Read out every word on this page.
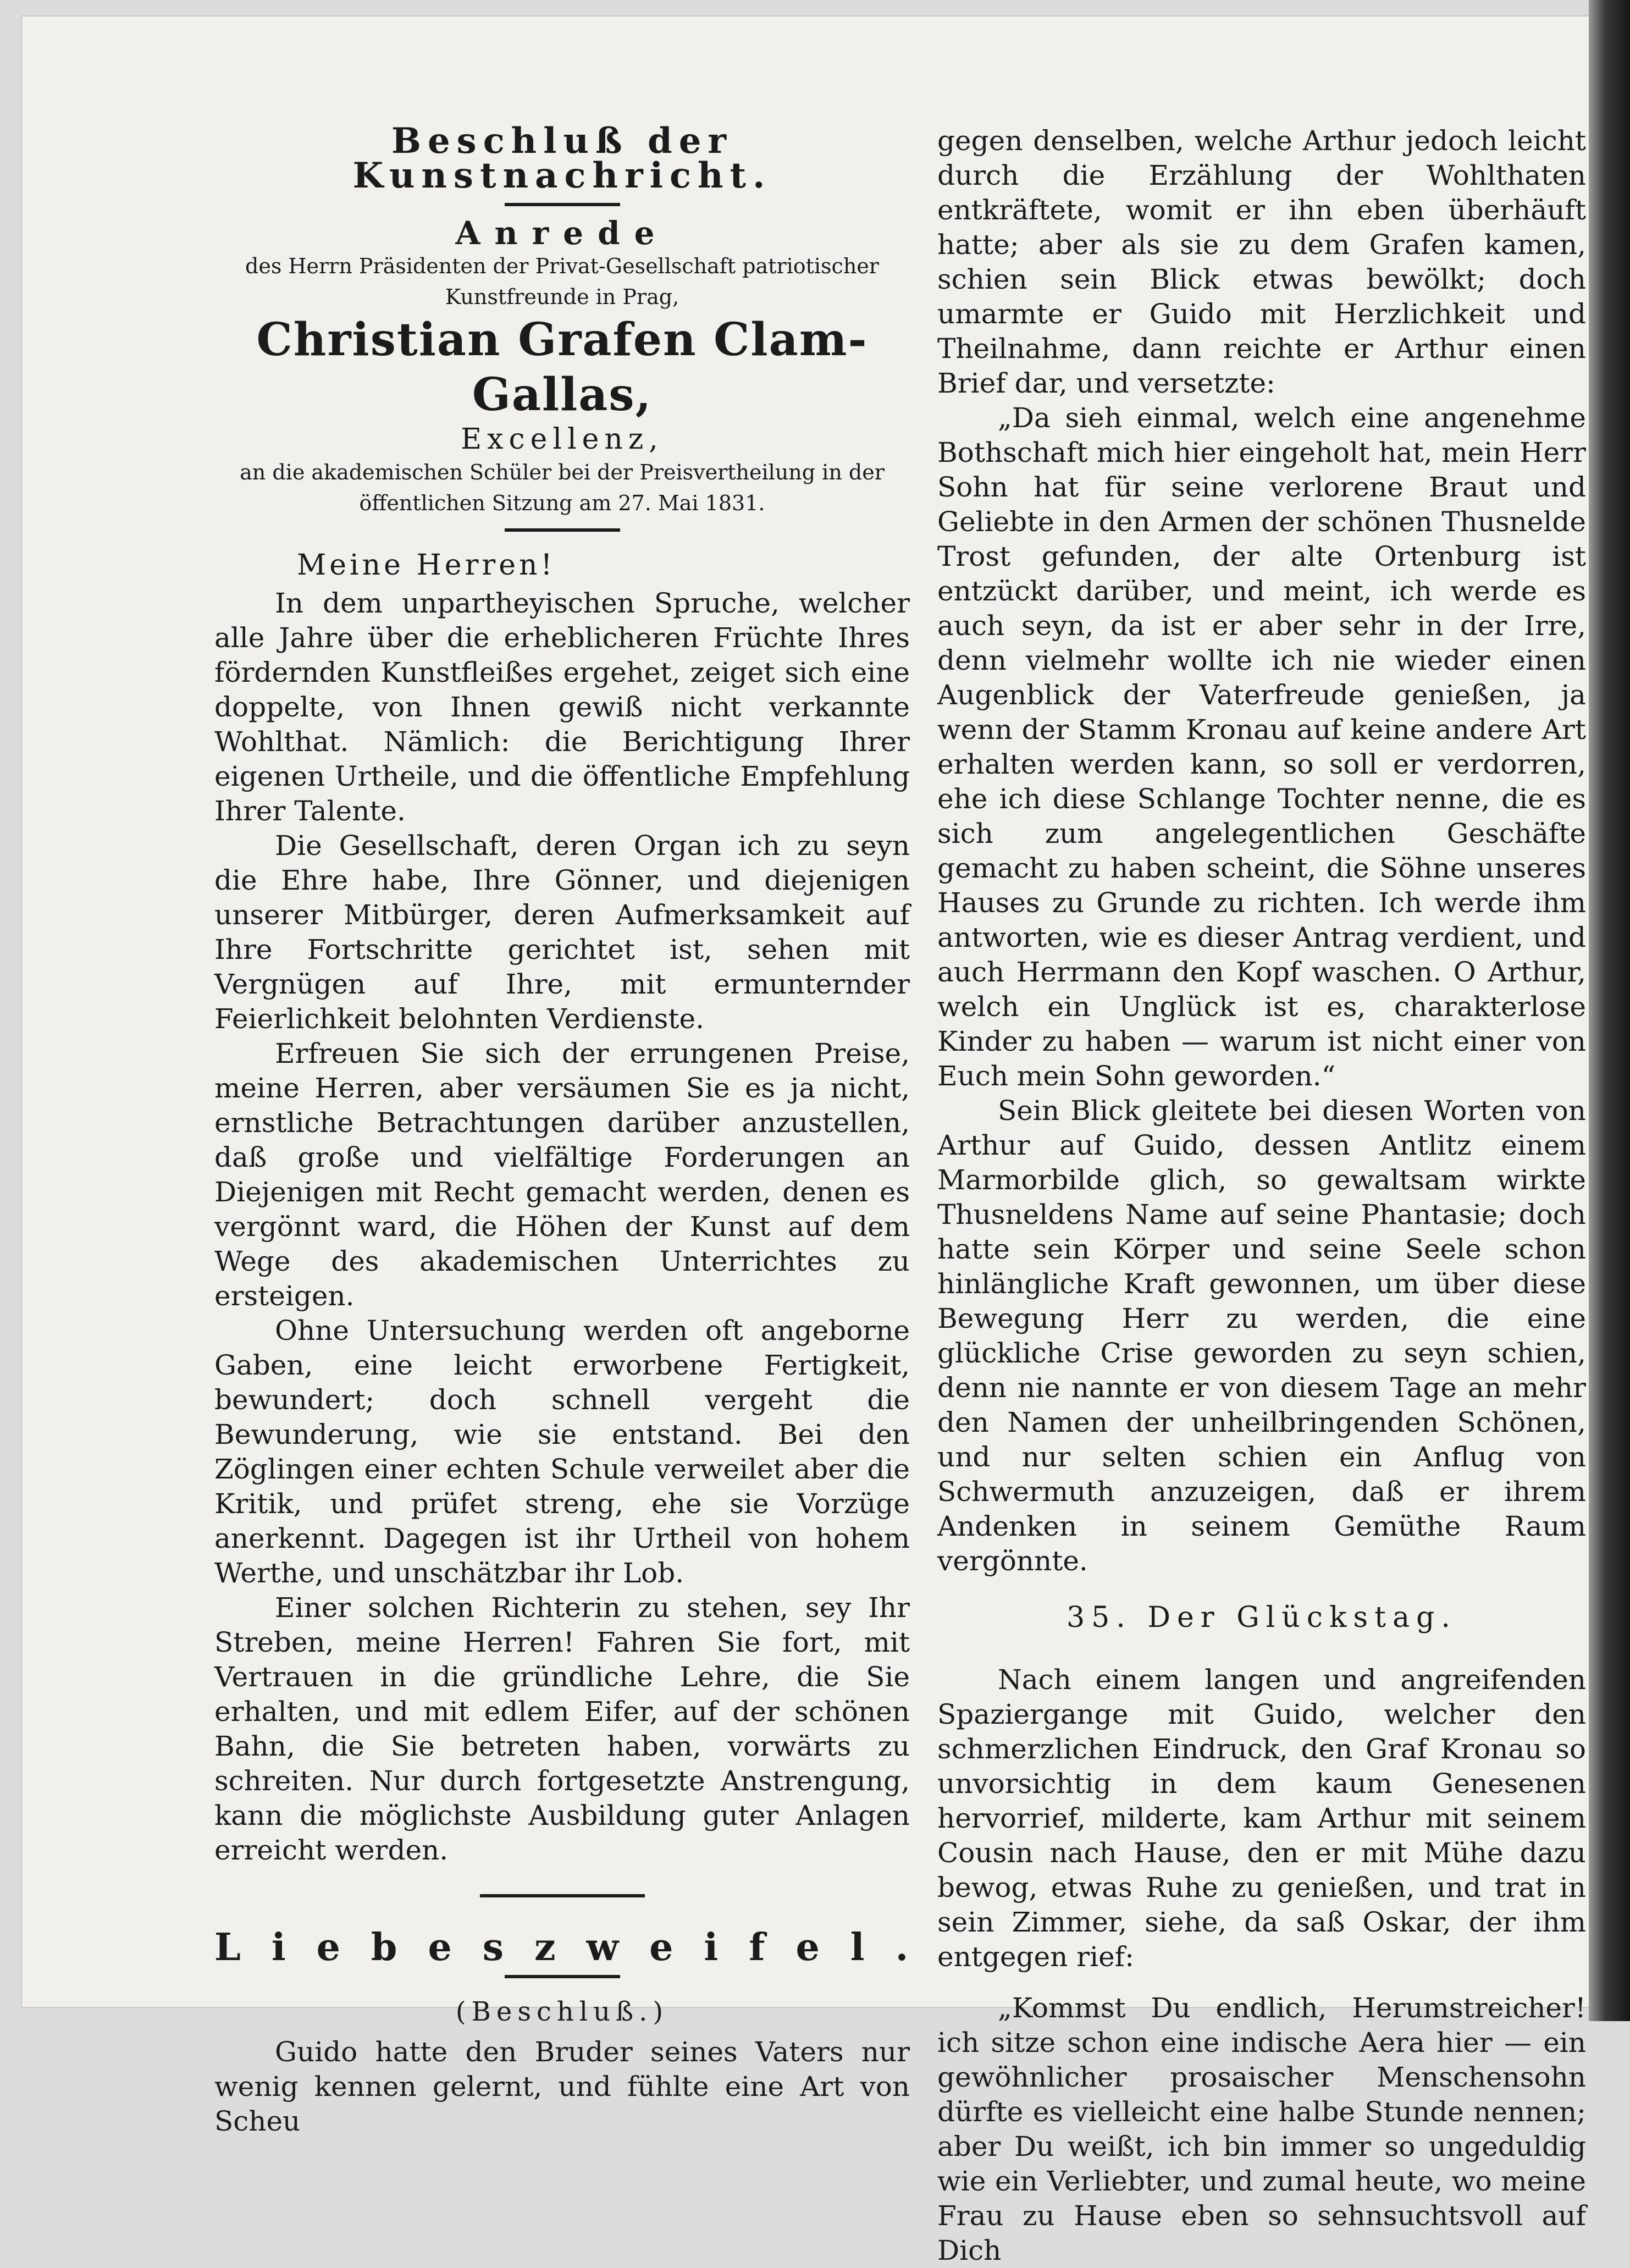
Beschluß der Kunstnachricht.
Anrede
des Herrn Präsidenten der Privat-Gesellschaft patriotischer
Kunstfreunde in Prag,
Christian Grafen Clam-Gallas,
Excellenz,
an die akademischen Schüler bei der Preisvertheilung in der
öffentlichen Sitzung am 27. Mai 1831.
Meine Herren!

In dem unpartheyischen Spruche, welcher alle Jahre über die erheblicheren Früchte Ihres fördernden Kunstfleißes ergehet, zeiget sich eine doppelte, von Ihnen gewiß nicht verkannte Wohlthat. Nämlich: die Berichtigung Ihrer eigenen Urtheile, und die öffentliche Empfehlung Ihrer Talente.

Die Gesellschaft, deren Organ ich zu seyn die Ehre habe, Ihre Gönner, und diejenigen unserer Mitbürger, deren Aufmerksamkeit auf Ihre Fortschritte gerichtet ist, sehen mit Vergnügen auf Ihre, mit ermunternder Feierlichkeit belohnten Verdienste.

Erfreuen Sie sich der errungenen Preise, meine Herren, aber versäumen Sie es ja nicht, ernstliche Betrachtungen darüber anzustellen, daß große und vielfältige Forderungen an Diejenigen mit Recht gemacht werden, denen es vergönnt ward, die Höhen der Kunst auf dem Wege des akademischen Unterrichtes zu ersteigen.

Ohne Untersuchung werden oft angeborne Gaben, eine leicht erworbene Fertigkeit, bewundert; doch schnell vergeht die Bewunderung, wie sie entstand. Bei den Zöglingen einer echten Schule verweilet aber die Kritik, und prüfet streng, ehe sie Vorzüge anerkennt. Dagegen ist ihr Urtheil von hohem Werthe, und unschätzbar ihr Lob.

Einer solchen Richterin zu stehen, sey Ihr Streben, meine Herren! Fahren Sie fort, mit Vertrauen in die gründliche Lehre, die Sie erhalten, und mit edlem Eifer, auf der schönen Bahn, die Sie betreten haben, vorwärts zu schreiten. Nur durch fortgesetzte Anstrengung, kann die möglichste Ausbildung guter Anlagen erreicht werden.

Liebeszweifel.
(Beschluß.)

Guido hatte den Bruder seines Vaters nur wenig kennen gelernt, und fühlte eine Art von Scheu

gegen denselben, welche Arthur jedoch leicht durch die Erzählung der Wohlthaten entkräftete, womit er ihn eben überhäuft hatte; aber als sie zu dem Grafen kamen, schien sein Blick etwas bewölkt; doch umarmte er Guido mit Herzlichkeit und Theilnahme, dann reichte er Arthur einen Brief dar, und versetzte:

„Da sieh einmal, welch eine angenehme Bothschaft mich hier eingeholt hat, mein Herr Sohn hat für seine verlorene Braut und Geliebte in den Armen der schönen Thusnelde Trost gefunden, der alte Ortenburg ist entzückt darüber, und meint, ich werde es auch seyn, da ist er aber sehr in der Irre, denn vielmehr wollte ich nie wieder einen Augenblick der Vaterfreude genießen, ja wenn der Stamm Kronau auf keine andere Art erhalten werden kann, so soll er verdorren, ehe ich diese Schlange Tochter nenne, die es sich zum angelegentlichen Geschäfte gemacht zu haben scheint, die Söhne unseres Hauses zu Grunde zu richten. Ich werde ihm antworten, wie es dieser Antrag verdient, und auch Herrmann den Kopf waschen. O Arthur, welch ein Unglück ist es, charakterlose Kinder zu haben — warum ist nicht einer von Euch mein Sohn geworden.“

Sein Blick gleitete bei diesen Worten von Arthur auf Guido, dessen Antlitz einem Marmorbilde glich, so gewaltsam wirkte Thusneldens Name auf seine Phantasie; doch hatte sein Körper und seine Seele schon hinlängliche Kraft gewonnen, um über diese Bewegung Herr zu werden, die eine glückliche Crise geworden zu seyn schien, denn nie nannte er von diesem Tage an mehr den Namen der unheilbringenden Schönen, und nur selten schien ein Anflug von Schwermuth anzuzeigen, daß er ihrem Andenken in seinem Gemüthe Raum vergönnte.

35. Der Glückstag.

Nach einem langen und angreifenden Spaziergange mit Guido, welcher den schmerzlichen Eindruck, den Graf Kronau so unvorsichtig in dem kaum Genesenen hervorrief, milderte, kam Arthur mit seinem Cousin nach Hause, den er mit Mühe dazu bewog, etwas Ruhe zu genießen, und trat in sein Zimmer, siehe, da saß Oskar, der ihm entgegen rief:

„Kommst Du endlich, Herumstreicher! ich sitze schon eine indische Aera hier — ein gewöhnlicher prosaischer Menschensohn dürfte es vielleicht eine halbe Stunde nennen; aber Du weißt, ich bin immer so ungeduldig wie ein Verliebter, und zumal heute, wo meine Frau zu Hause eben so sehnsuchtsvoll auf Dich
